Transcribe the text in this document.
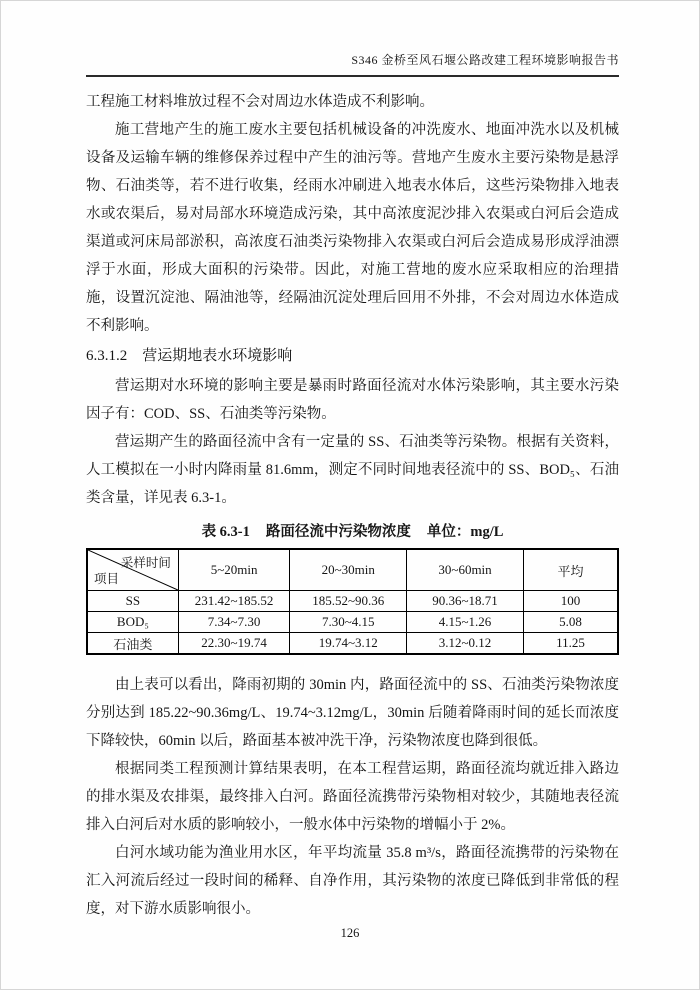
S346 金桥至风石堰公路改建工程环境影响报告书

工程施工材料堆放过程不会对周边水体造成不利影响。

施工营地产生的施工废水主要包括机械设备的冲洗废水、地面冲洗水以及机械设备及运输车辆的维修保养过程中产生的油污等。营地产生废水主要污染物是悬浮物、石油类等，若不进行收集，经雨水冲刷进入地表水体后，这些污染物排入地表水或农渠后，易对局部水环境造成污染，其中高浓度泥沙排入农渠或白河后会造成渠道或河床局部淤积，高浓度石油类污染物排入农渠或白河后会造成易形成浮油漂浮于水面，形成大面积的污染带。因此，对施工营地的废水应采取相应的治理措施，设置沉淀池、隔油池等，经隔油沉淀处理后回用不外排，不会对周边水体造成不利影响。

6.3.1.2　营运期地表水环境影响

营运期对水环境的影响主要是暴雨时路面径流对水体污染影响，其主要水污染因子有：COD、SS、石油类等污染物。

营运期产生的路面径流中含有一定量的 SS、石油类等污染物。根据有关资料，人工模拟在一小时内降雨量 81.6mm，测定不同时间地表径流中的 SS、BOD₅、石油类含量，详见表 6.3-1。

表 6.3-1 路面径流中污染物浓度 单位：mg/L
采样时间
项目	5~20min	20~30min	30~60min	平均
SS	231.42~185.52	185.52~90.36	90.36~18.71	100
BOD₅	7.34~7.30	7.30~4.15	4.15~1.26	5.08
石油类	22.30~19.74	19.74~3.12	3.12~0.12	11.25

由上表可以看出，降雨初期的 30min 内，路面径流中的 SS、石油类污染物浓度分别达到 185.22~90.36mg/L、19.74~3.12mg/L，30min 后随着降雨时间的延长而浓度下降较快，60min 以后，路面基本被冲洗干净，污染物浓度也降到很低。

根据同类工程预测计算结果表明，在本工程营运期，路面径流均就近排入路边的排水渠及农排渠，最终排入白河。路面径流携带污染物相对较少，其随地表径流排入白河后对水质的影响较小，一般水体中污染物的增幅小于 2%。

白河水域功能为渔业用水区，年平均流量 35.8 m³/s，路面径流携带的污染物在汇入河流后经过一段时间的稀释、自净作用，其污染物的浓度已降低到非常低的程度，对下游水质影响很小。

126
